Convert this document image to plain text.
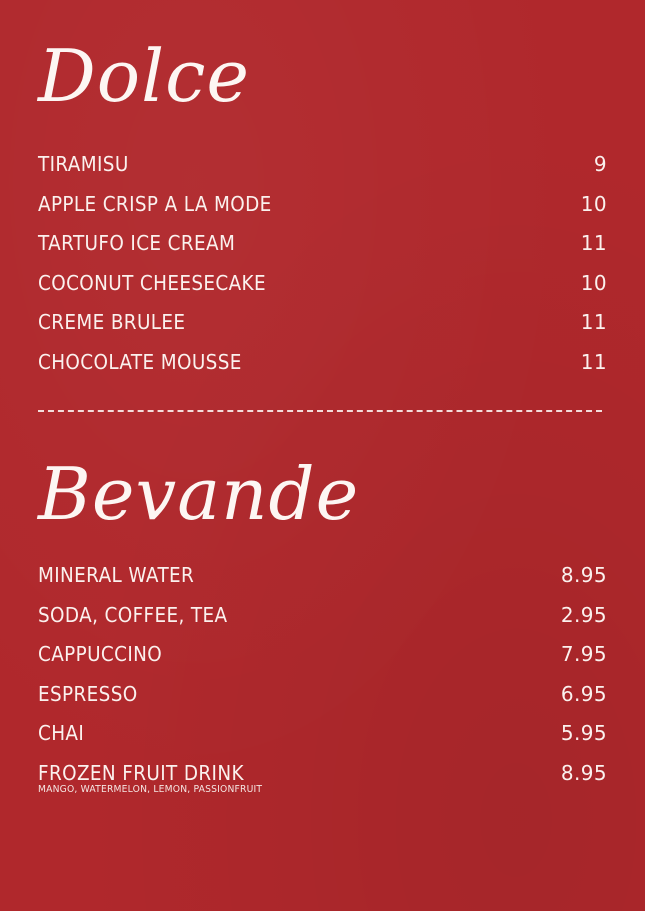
Dolce
TIRAMISU	9
APPLE CRISP A LA MODE	10
TARTUFO ICE CREAM	11
COCONUT CHEESECAKE	10
CREME BRULEE	11
CHOCOLATE MOUSSE	11
Bevande
MINERAL WATER	8.95
SODA, COFFEE, TEA	2.95
CAPPUCCINO	7.95
ESPRESSO	6.95
CHAI	5.95
FROZEN FRUIT DRINK	8.95
MANGO, WATERMELON, LEMON, PASSIONFRUIT
